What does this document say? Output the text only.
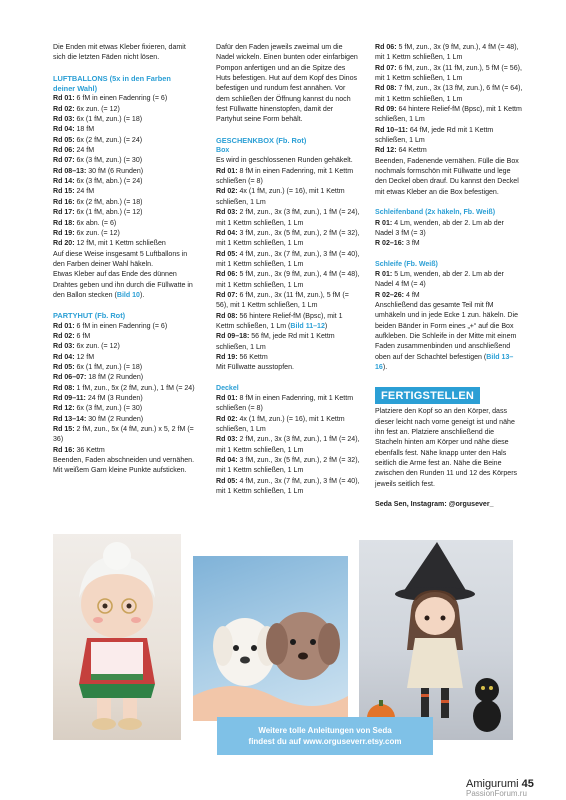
Die Enden mit etwas Kleber fixieren, damit sich die letzten Fäden nicht lösen.

LUFTBALLONS (5x in den Farben deiner Wahl)

Rd 01: 6 fM in einen Fadenring (= 6)

Rd 02: 6x zun. (= 12)

Rd 03: 6x (1 fM, zun.) (= 18)

Rd 04: 18 fM

Rd 05: 6x (2 fM, zun.) (= 24)

Rd 06: 24 fM

Rd 07: 6x (3 fM, zun.) (= 30)

Rd 08–13: 30 fM (6 Runden)

Rd 14: 6x (3 fM, abn.) (= 24)

Rd 15: 24 fM

Rd 16: 6x (2 fM, abn.) (= 18)

Rd 17: 6x (1 fM, abn.) (= 12)

Rd 18: 6x abn. (= 6)

Rd 19: 6x zun. (= 12)

Rd 20: 12 fM, mit 1 Kettm schließen

Auf diese Weise insgesamt 5 Luftballons in den Farben deiner Wahl häkeln.

Etwas Kleber auf das Ende des dünnen Drahtes geben und ihn durch die Füllwatte in den Ballon stecken (Bild 10).

PARTYHUT (Fb. Rot)

Rd 01: 6 fM in einen Fadenring (= 6)

Rd 02: 6 fM

Rd 03: 6x zun. (= 12)

Rd 04: 12 fM

Rd 05: 6x (1 fM, zun.) (= 18)

Rd 06–07: 18 fM (2 Runden)

Rd 08: 1 fM, zun., 5x (2 fM, zun.), 1 fM (= 24)

Rd 09–11: 24 fM (3 Runden)

Rd 12: 6x (3 fM, zun.) (= 30)

Rd 13–14: 30 fM (2 Runden)

Rd 15: 2 fM, zun., 5x (4 fM, zun.) x 5, 2 fM (= 36)

Rd 16: 36 Kettm

Beenden, Faden abschneiden und vernähen.

Mit weißem Garn kleine Punkte aufsticken.

Dafür den Faden jeweils zweimal um die Nadel wickeln. Einen bunten oder einfarbigen Pompon anfertigen und an die Spitze des Huts befestigen. Hut auf dem Kopf des Dinos befestigen und rundum fest annähen. Vor dem schließen der Öffnung kannst du noch fest Füllwatte hinenstopfen, damit der Partyhut seine Form behält.

GESCHENKBOX (Fb. Rot)

Box

Es wird in geschlossenen Runden gehäkelt.

Rd 01: 8 fM in einen Fadenring, mit 1 Kettm schließen (= 8)

Rd 02: 4x (1 fM, zun.) (= 16), mit 1 Kettm schließen, 1 Lm

Rd 03: 2 fM, zun., 3x (3 fM, zun.), 1 fM (= 24), mit 1 Kettm schließen, 1 Lm

Rd 04: 3 fM, zun., 3x (5 fM, zun.), 2 fM (= 32), mit 1 Kettm schließen, 1 Lm

Rd 05: 4 fM, zun., 3x (7 fM, zun.), 3 fM (= 40), mit 1 Kettm schließen, 1 Lm

Rd 06: 5 fM, zun., 3x (9 fM, zun.), 4 fM (= 48), mit 1 Kettm schließen, 1 Lm

Rd 07: 6 fM, zun., 3x (11 fM, zun.), 5 fM (= 56), mit 1 Kettm schließen, 1 Lm

Rd 08: 56 hintere Relief-fM (Bpsc), mit 1 Kettm schließen, 1 Lm (Bild 11–12)

Rd 09–18: 56 fM, jede Rd mit 1 Kettm schließen, 1 Lm

Rd 19: 56 Kettm

Mit Füllwatte ausstopfen.

Deckel

Rd 01: 8 fM in einen Fadenring, mit 1 Kettm schließen (= 8)

Rd 02: 4x (1 fM, zun.) (= 16), mit 1 Kettm schließen, 1 Lm

Rd 03: 2 fM, zun., 3x (3 fM, zun.), 1 fM (= 24), mit 1 Kettm schließen, 1 Lm

Rd 04: 3 fM, zun., 3x (5 fM, zun.), 2 fM (= 32), mit 1 Kettm schließen, 1 Lm

Rd 05: 4 fM, zun., 3x (7 fM, zun.), 3 fM (= 40), mit 1 Kettm schließen, 1 Lm

Rd 06: 5 fM, zun., 3x (9 fM, zun.), 4 fM (= 48), mit 1 Kettm schließen, 1 Lm

Rd 07: 6 fM, zun., 3x (11 fM, zun.), 5 fM (= 56), mit 1 Kettm schließen, 1 Lm

Rd 08: 7 fM, zun., 3x (13 fM, zun.), 6 fM (= 64), mit 1 Kettm schließen, 1 Lm

Rd 09: 64 hintere Relief-fM (Bpsc), mit 1 Kettm schließen, 1 Lm

Rd 10–11: 64 fM, jede Rd mit 1 Kettm schließen, 1 Lm

Rd 12: 64 Kettm

Beenden, Fadenende vernähen. Fülle die Box nochmals formschön mit Füllwatte und lege den Deckel oben drauf. Du kannst den Deckel mit etwas Kleber an die Box befestigen.

Schleifenband (2x häkeln, Fb. Weiß)

R 01: 4 Lm, wenden, ab der 2. Lm ab der Nadel 3 fM (= 3)

R 02–16: 3 fM

Schleife (Fb. Weiß)

R 01: 5 Lm, wenden, ab der 2. Lm ab der Nadel 4 fM (= 4)

R 02–26: 4 fM

Anschließend das gesamte Teil mit fM umhäkeln und in jede Ecke 1 zun. häkeln. Die beiden Bänder in Form eines „+“ auf die Box aufkleben. Die Schleife in der Mitte mit einem Faden zusammenbinden und anschließend oben auf der Schachtel befestigen (Bild 13–16).

FERTIGSTELLEN

Platziere den Kopf so an den Körper, dass dieser leicht nach vorne geneigt ist und nähe ihn fest an. Platziere anschließend die Stacheln hinten am Körper und nähe diese ebenfalls fest. Nähe knapp unter den Hals seitlich die Arme fest an. Nähe die Beine zwischen den Runden 11 und 12 des Körpers jeweils seitlich fest.

Seda Sen, Instagram: @orgusever_

Weitere tolle Anleitungen von Seda
findest du auf www.orguseverr.etsy.com
Amigurumi 45
PassionForum.ru
